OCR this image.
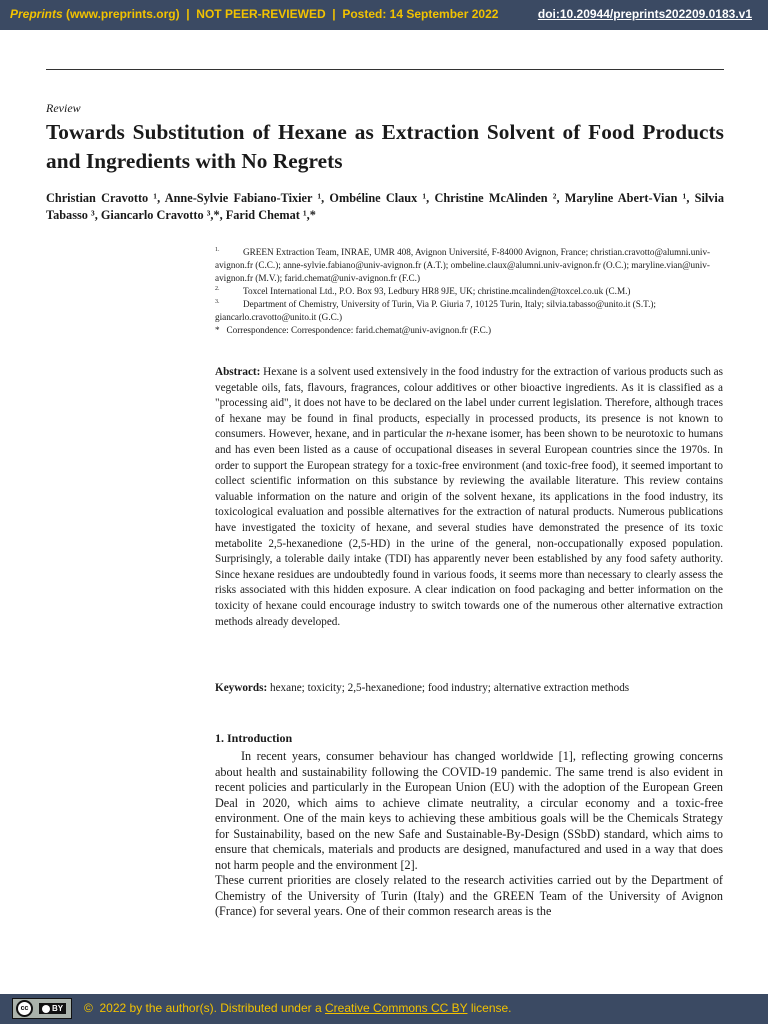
Preprints (www.preprints.org)  |  NOT PEER-REVIEWED  |  Posted: 14 September 2022	doi:10.20944/preprints202209.0183.v1
Review
Towards Substitution of Hexane as Extraction Solvent of Food Products and Ingredients with No Regrets
Christian Cravotto ¹, Anne-Sylvie Fabiano-Tixier ¹, Ombéline Claux ¹, Christine McAlinden ², Maryline Abert-Vian ¹, Silvia Tabasso ³, Giancarlo Cravotto ³,*, Farid Chemat ¹,*
1.	GREEN Extraction Team, INRAE, UMR 408, Avignon Université, F-84000 Avignon, France; christian.cravotto@alumni.univ-avignon.fr (C.C.); anne-sylvie.fabiano@univ-avignon.fr (A.T.); ombeline.claux@alumni.univ-avignon.fr (O.C.); maryline.vian@univ-avignon.fr (M.V.); farid.chemat@univ-avignon.fr (F.C.)
2.	Toxcel International Ltd., P.O. Box 93, Ledbury HR8 9JE, UK; christine.mcalinden@toxcel.co.uk (C.M.)
3.	Department of Chemistry, University of Turin, Via P. Giuria 7, 10125 Turin, Italy; silvia.tabasso@unito.it (S.T.); giancarlo.cravotto@unito.it (G.C.)
*   Correspondence: Correspondence: farid.chemat@univ-avignon.fr (F.C.)
Abstract: Hexane is a solvent used extensively in the food industry for the extraction of various products such as vegetable oils, fats, flavours, fragrances, colour additives or other bioactive ingredients. As it is classified as a "processing aid", it does not have to be declared on the label under current legislation. Therefore, although traces of hexane may be found in final products, especially in processed products, its presence is not known to consumers. However, hexane, and in particular the n-hexane isomer, has been shown to be neurotoxic to humans and has even been listed as a cause of occupational diseases in several European countries since the 1970s. In order to support the European strategy for a toxic-free environment (and toxic-free food), it seemed important to collect scientific information on this substance by reviewing the available literature. This review contains valuable information on the nature and origin of the solvent hexane, its applications in the food industry, its toxicological evaluation and possible alternatives for the extraction of natural products. Numerous publications have investigated the toxicity of hexane, and several studies have demonstrated the presence of its toxic metabolite 2,5-hexanedione (2,5-HD) in the urine of the general, non-occupationally exposed population. Surprisingly, a tolerable daily intake (TDI) has apparently never been established by any food safety authority. Since hexane residues are undoubtedly found in various foods, it seems more than necessary to clearly assess the risks associated with this hidden exposure. A clear indication on food packaging and better information on the toxicity of hexane could encourage industry to switch towards one of the numerous other alternative extraction methods already developed.
Keywords: hexane; toxicity; 2,5-hexanedione; food industry; alternative extraction methods
1. Introduction

In recent years, consumer behaviour has changed worldwide [1], reflecting growing concerns about health and sustainability following the COVID-19 pandemic. The same trend is also evident in recent policies and particularly in the European Union (EU) with the adoption of the European Green Deal in 2020, which aims to achieve climate neutrality, a circular economy and a toxic-free environment. One of the main keys to achieving these ambitious goals will be the Chemicals Strategy for Sustainability, based on the new Safe and Sustainable-By-Design (SSbD) standard, which aims to ensure that chemicals, materials and products are designed, manufactured and used in a way that does not harm people and the environment [2].

These current priorities are closely related to the research activities carried out by the Department of Chemistry of the University of Turin (Italy) and the GREEN Team of the University of Avignon (France) for several years. One of their common research areas is the

cc	BY ©  2022 by the author(s). Distributed under a Creative Commons CC BY license.
